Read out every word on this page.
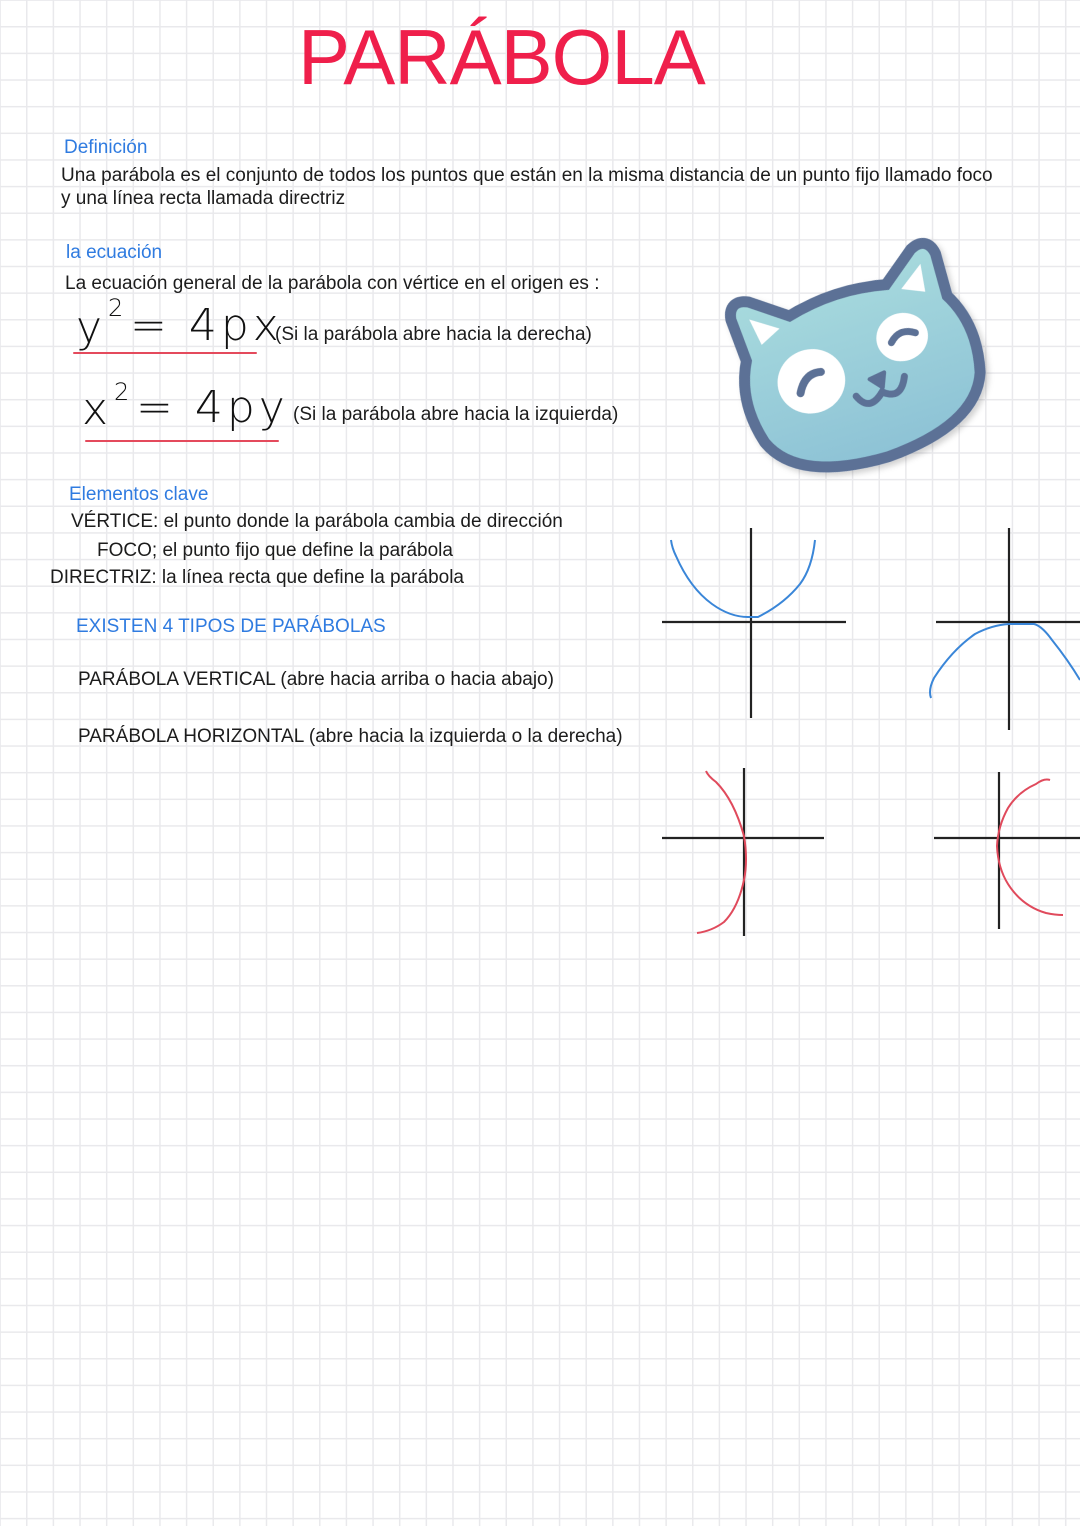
PARÁBOLA
Definición
Una parábola es el conjunto de todos los puntos que están en la misma distancia de un punto fijo llamado foco
y una línea recta llamada directriz
la ecuación
La ecuación general de la parábola con vértice en el origen es :
y 2 = 4px
(Si la parábola abre hacia la derecha)
x 2 = 4py (Si la parábola abre hacia la izquierda)
Elementos clave
VÉRTICE: el punto donde la parábola cambia de dirección
FOCO; el punto fijo que define la parábola
DIRECTRIZ: la línea recta que define la parábola
EXISTEN 4 TIPOS DE PARÁBOLAS
PARÁBOLA VERTICAL (abre hacia arriba o hacia abajo)
PARÁBOLA HORIZONTAL (abre hacia la izquierda o la derecha)
